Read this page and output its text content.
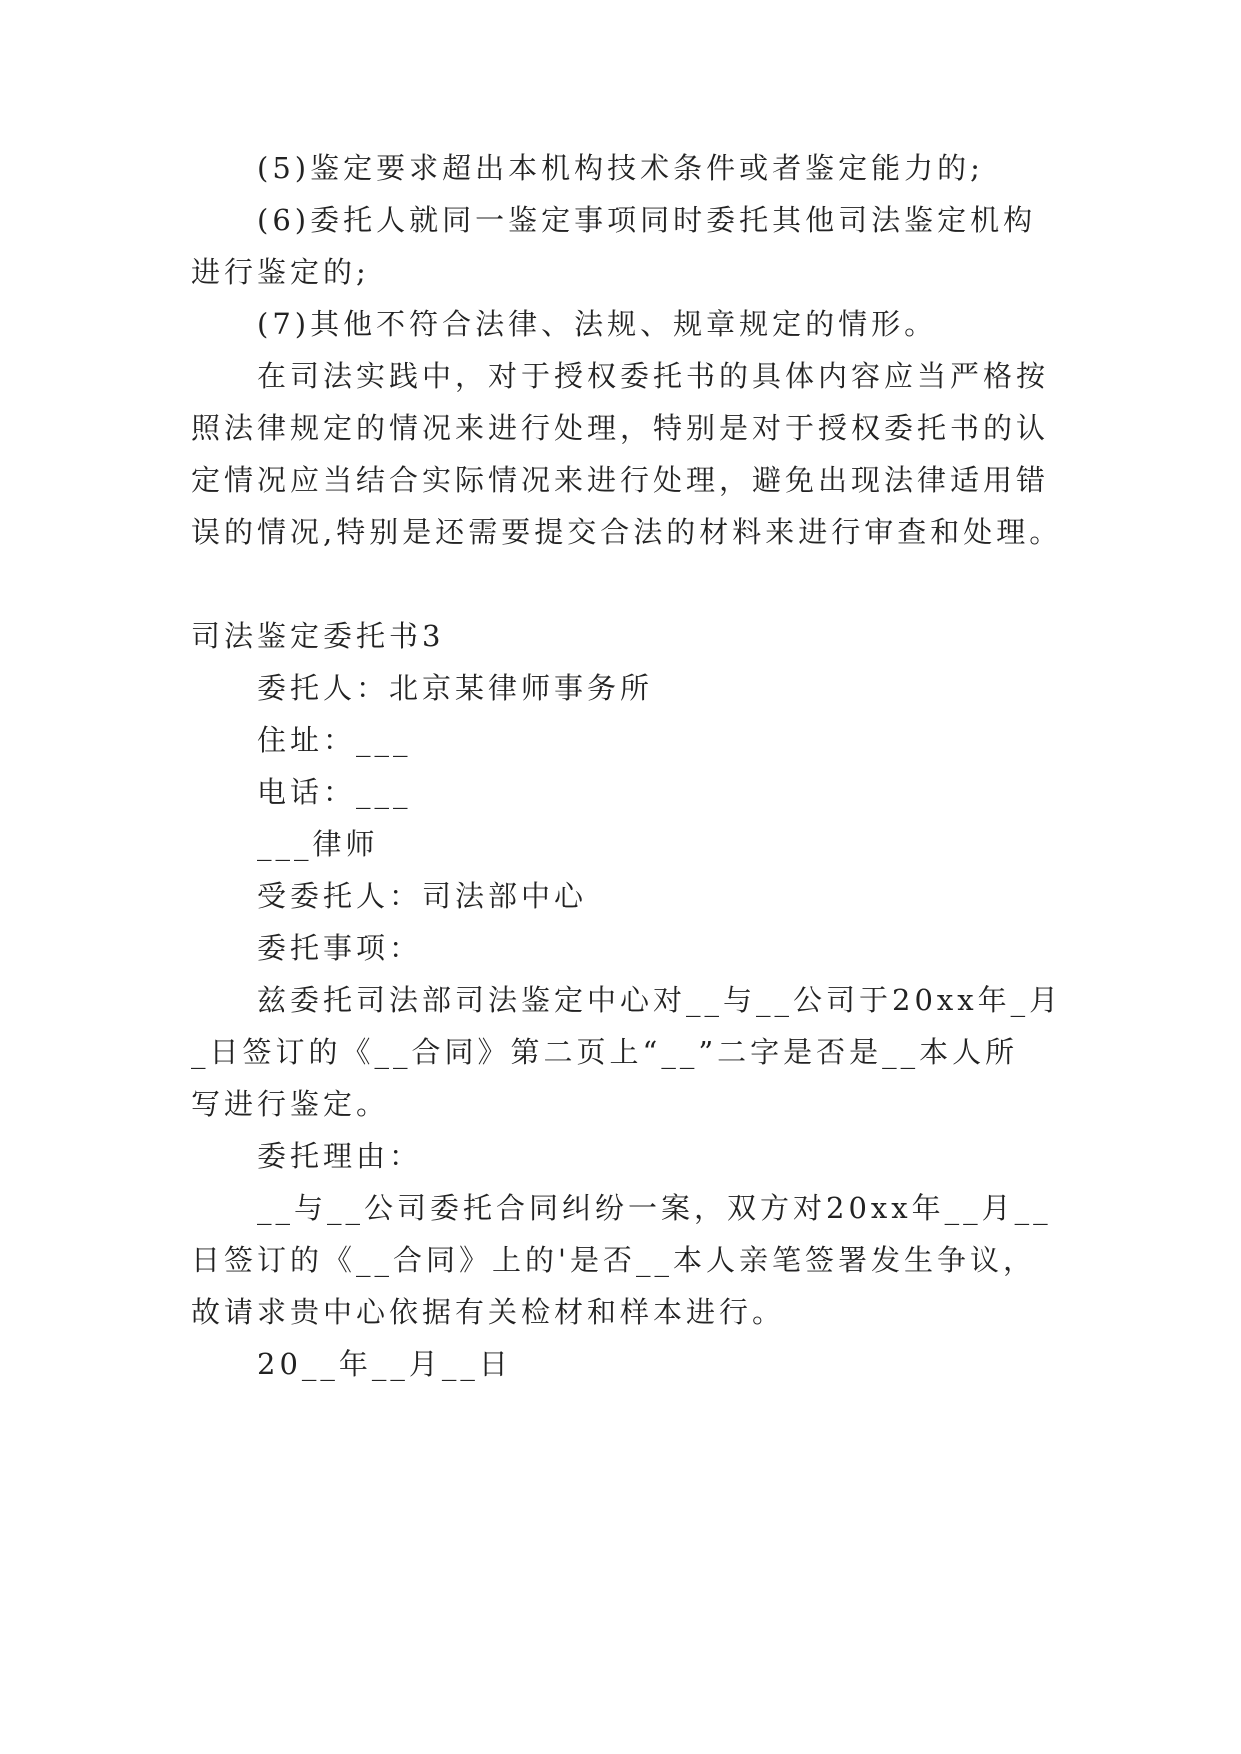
(5)鉴定要求超出本机构技术条件或者鉴定能力的;
(6)委托人就同一鉴定事项同时委托其他司法鉴定机构
进行鉴定的;
(7)其他不符合法律、法规、规章规定的情形。
在司法实践中，对于授权委托书的具体内容应当严格按
照法律规定的情况来进行处理，特别是对于授权委托书的认
定情况应当结合实际情况来进行处理，避免出现法律适用错
误的情况,特别是还需要提交合法的材料来进行审查和处理。
司法鉴定委托书3
委托人：北京某律师事务所
住址：___
电话：___
___律师
受委托人：司法部中心
委托事项：
兹委托司法部司法鉴定中心对__与__公司于20xx年_月
_日签订的《__合同》第二页上“__”二字是否是__本人所
写进行鉴定。
委托理由：
__与__公司委托合同纠纷一案，双方对20xx年__月__
日签订的《__合同》上的'是否__本人亲笔签署发生争议，
故请求贵中心依据有关检材和样本进行。
20__年__月__日
